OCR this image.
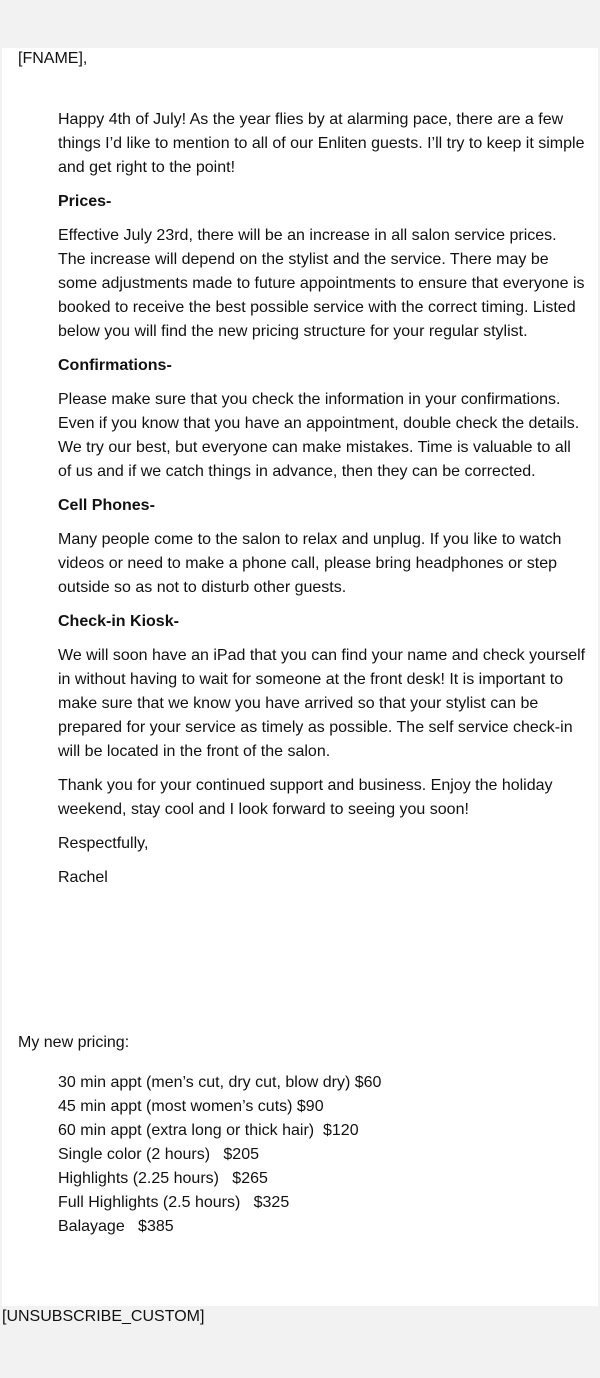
[FNAME],

Happy 4th of July! As the year flies by at alarming pace, there are a few things I’d like to mention to all of our Enliten guests. I’ll try to keep it simple and get right to the point!

Prices-

Effective July 23rd, there will be an increase in all salon service prices. The increase will depend on the stylist and the service. There may be some adjustments made to future appointments to ensure that everyone is booked to receive the best possible service with the correct timing. Listed below you will find the new pricing structure for your regular stylist.

Confirmations-

Please make sure that you check the information in your confirmations. Even if you know that you have an appointment, double check the details. We try our best, but everyone can make mistakes. Time is valuable to all of us and if we catch things in advance, then they can be corrected.

Cell Phones-

Many people come to the salon to relax and unplug. If you like to watch videos or need to make a phone call, please bring headphones or step outside so as not to disturb other guests.

Check-in Kiosk-

We will soon have an iPad that you can find your name and check yourself in without having to wait for someone at the front desk! It is important to make sure that we know you have arrived so that your stylist can be prepared for your service as timely as possible. The self service check-in will be located in the front of the salon.

Thank you for your continued support and business. Enjoy the holiday weekend, stay cool and I look forward to seeing you soon!

Respectfully,

Rachel

My new pricing:
30 min appt (men’s cut, dry cut, blow dry) $60
45 min appt (most women’s cuts) $90
60 min appt (extra long or thick hair)  $120
Single color (2 hours)   $205
Highlights (2.25 hours)   $265
Full Highlights (2.5 hours)   $325
Balayage   $385
[UNSUBSCRIBE_CUSTOM]
